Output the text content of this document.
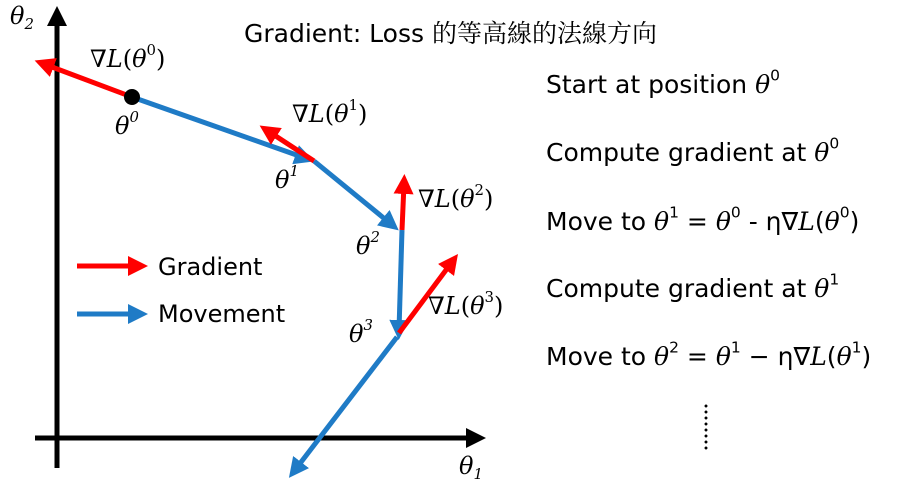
Gradient: Loss 的等高線的法線方向
$\theta_2$
$\theta_1$
$\theta^0$
$\theta^1$
$\theta^2$
$\theta^3$
$\nabla L(\theta^0)$
$\nabla L(\theta^1)$
$\nabla L(\theta^2)$
$\nabla L(\theta^3)$
Gradient
Movement
Start at position $\theta^0$
Compute gradient at $\theta^0$
Move to $\theta^1 = \theta^0 - \eta\nabla L(\theta^0)$
Compute gradient at $\theta^1$
Move to $\theta^2 = \theta^1 - \eta\nabla L(\theta^1)$
